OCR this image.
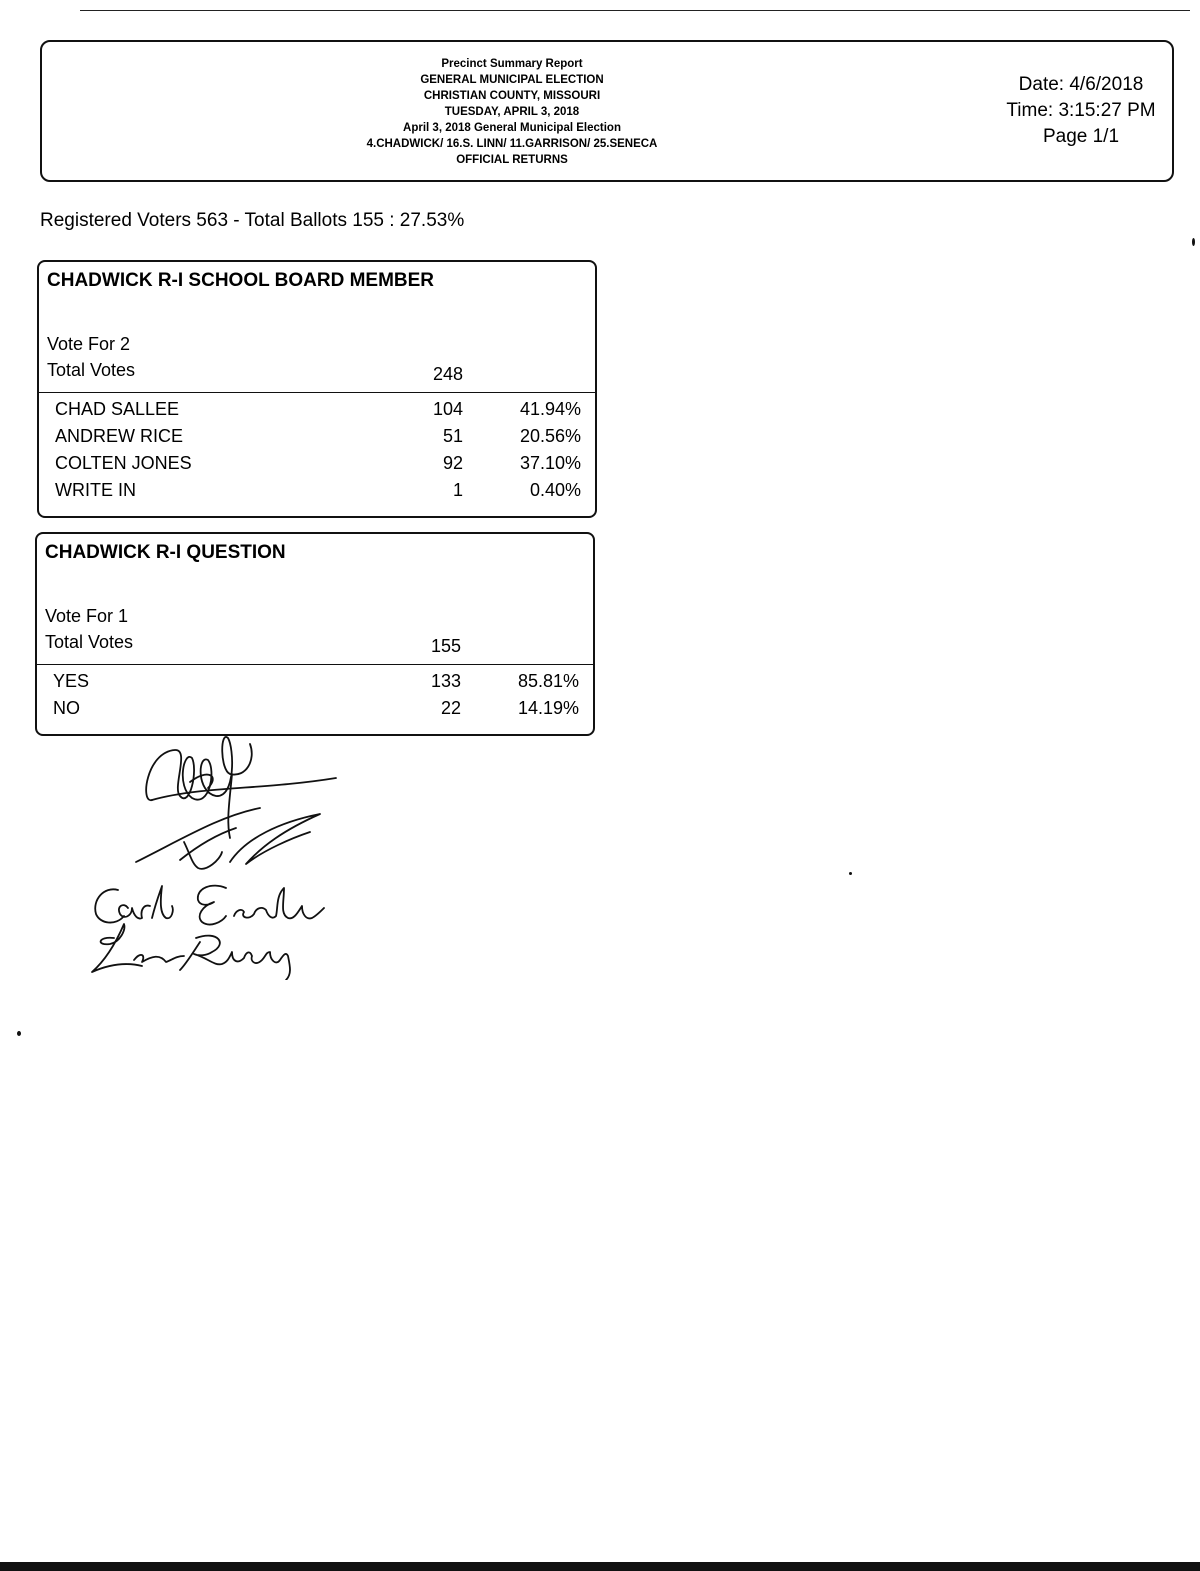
Precinct Summary Report
GENERAL MUNICIPAL ELECTION
CHRISTIAN COUNTY, MISSOURI
TUESDAY, APRIL 3, 2018
April 3, 2018 General Municipal Election
4.CHADWICK/ 16.S. LINN/ 11.GARRISON/ 25.SENECA
OFFICIAL RETURNS
Date: 4/6/2018
Time: 3:15:27 PM
Page 1/1
Registered Voters 563 - Total Ballots 155 : 27.53%
CHADWICK R-I SCHOOL BOARD MEMBER
Vote For 2
Total Votes	248
CHAD SALLEE	104	41.94%
ANDREW RICE	51	20.56%
COLTEN JONES	92	37.10%
WRITE IN	1	0.40%
CHADWICK R-I QUESTION
Vote For 1
Total Votes	155
YES	133	85.81%
NO	22	14.19%
